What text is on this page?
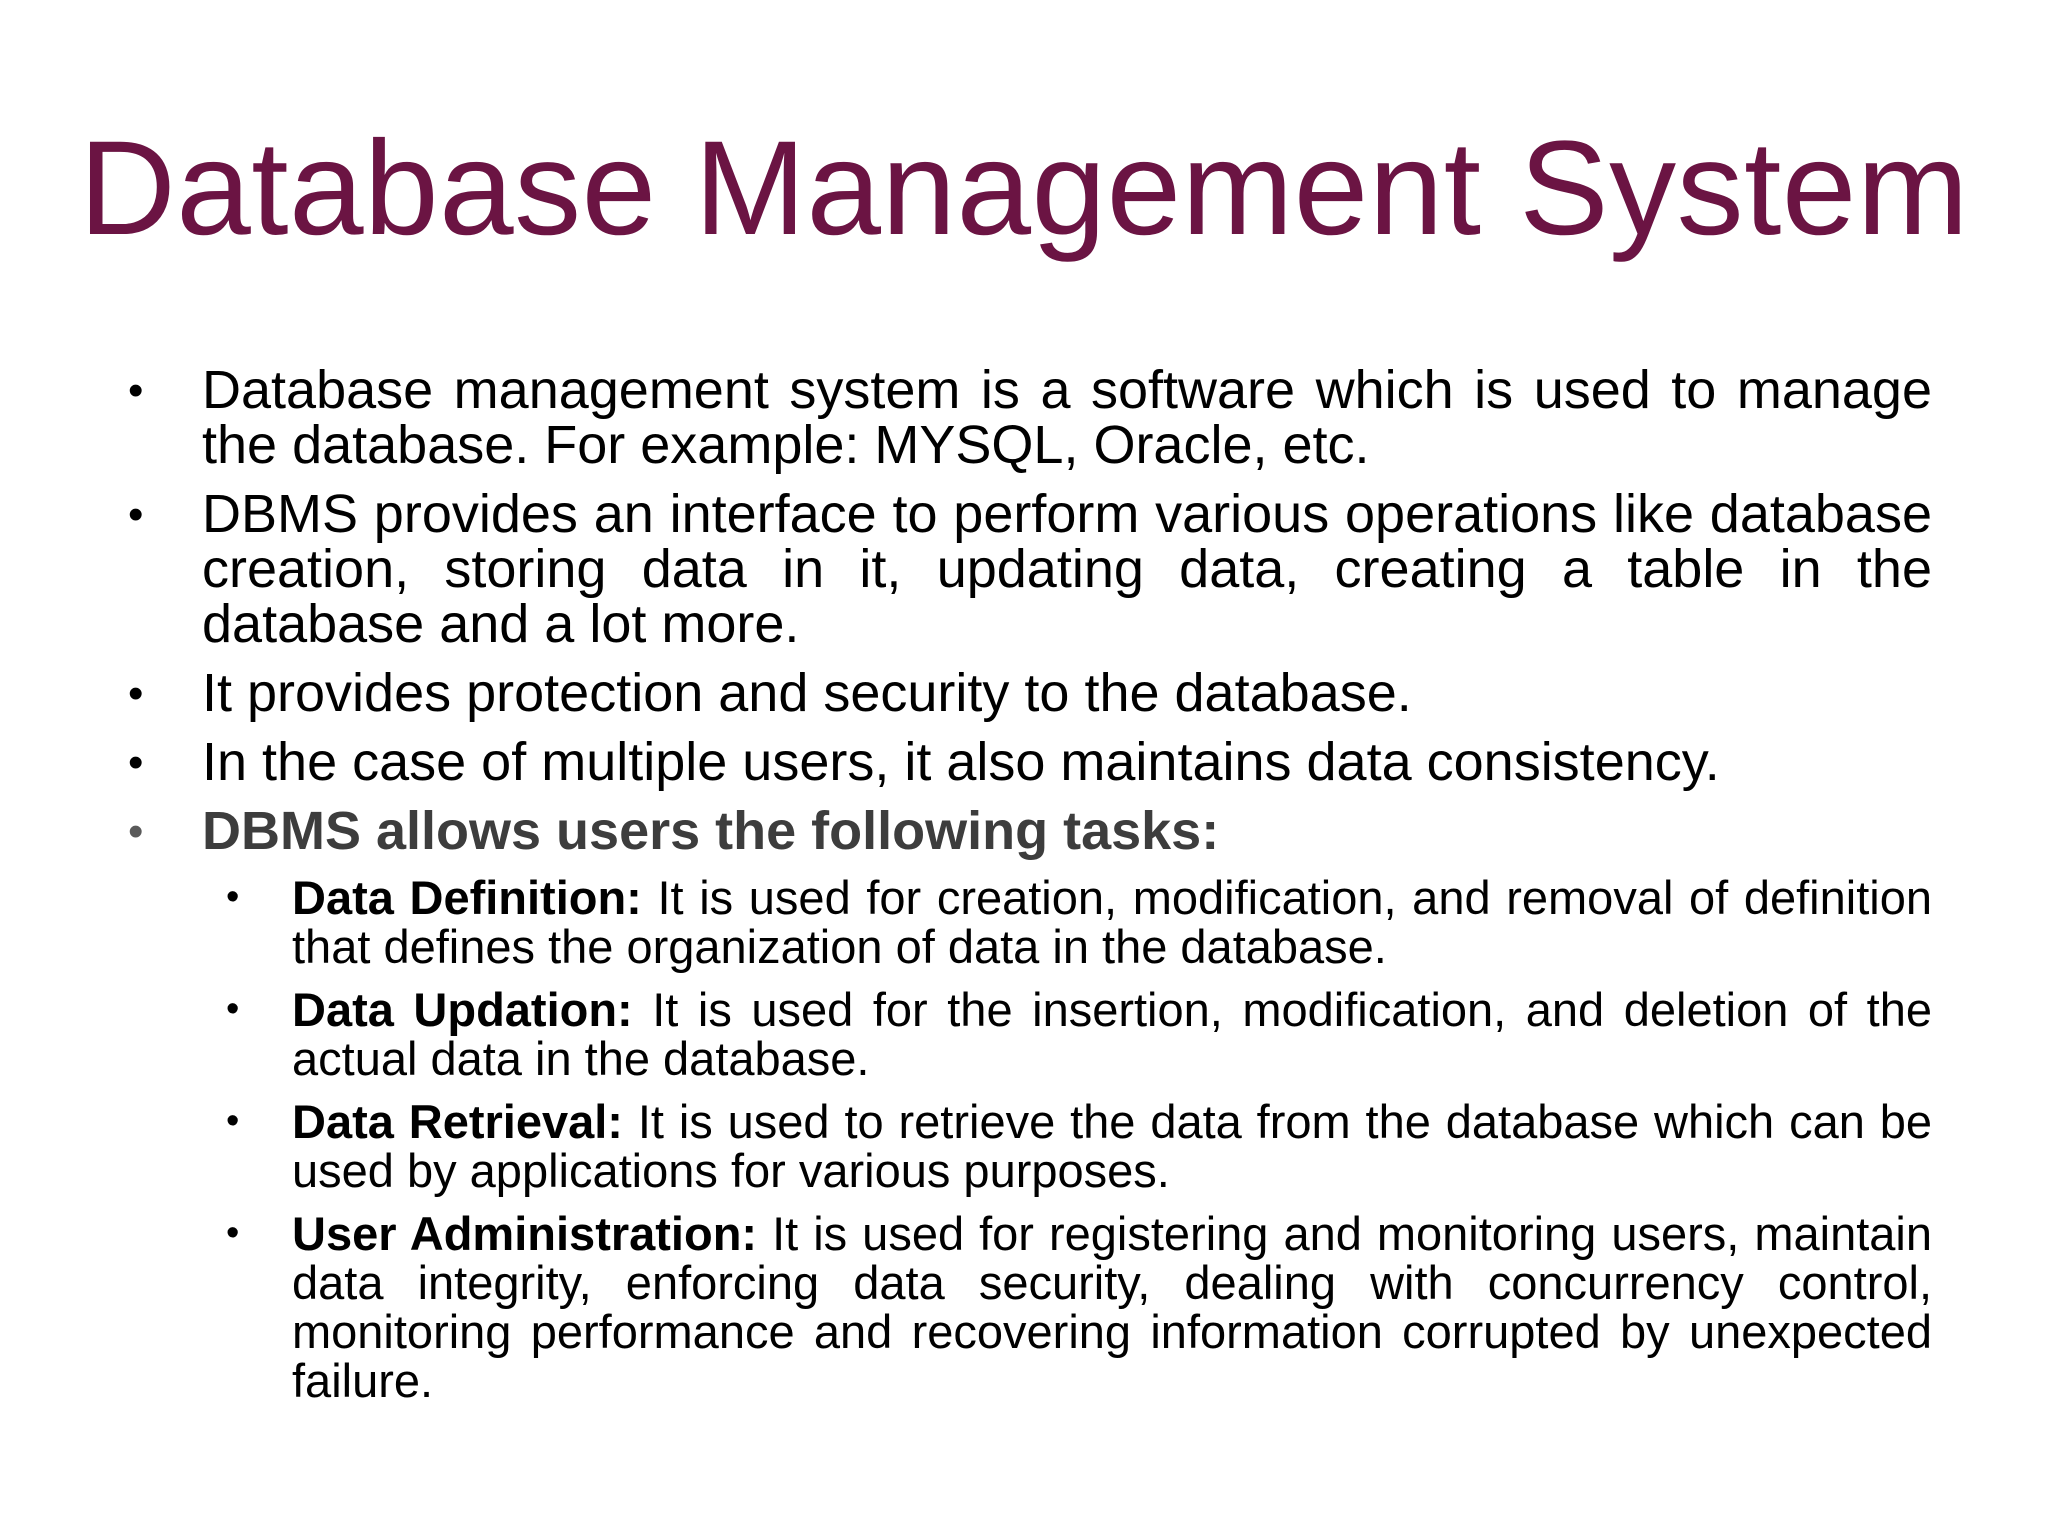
Database Management System
• Database management system is a software which is used to manage the database. For example: MYSQL, Oracle, etc.
• DBMS provides an interface to perform various operations like database creation, storing data in it, updating data, creating a table in the database and a lot more.
• It provides protection and security to the database.
• In the case of multiple users, it also maintains data consistency.
• DBMS allows users the following tasks:
• Data Definition: It is used for creation, modification, and removal of definition that defines the organization of data in the database.
• Data Updation: It is used for the insertion, modification, and deletion of the actual data in the database.
• Data Retrieval: It is used to retrieve the data from the database which can be used by applications for various purposes.
• User Administration: It is used for registering and monitoring users, maintain data integrity, enforcing data security, dealing with concurrency control, monitoring performance and recovering information corrupted by unexpected failure.
